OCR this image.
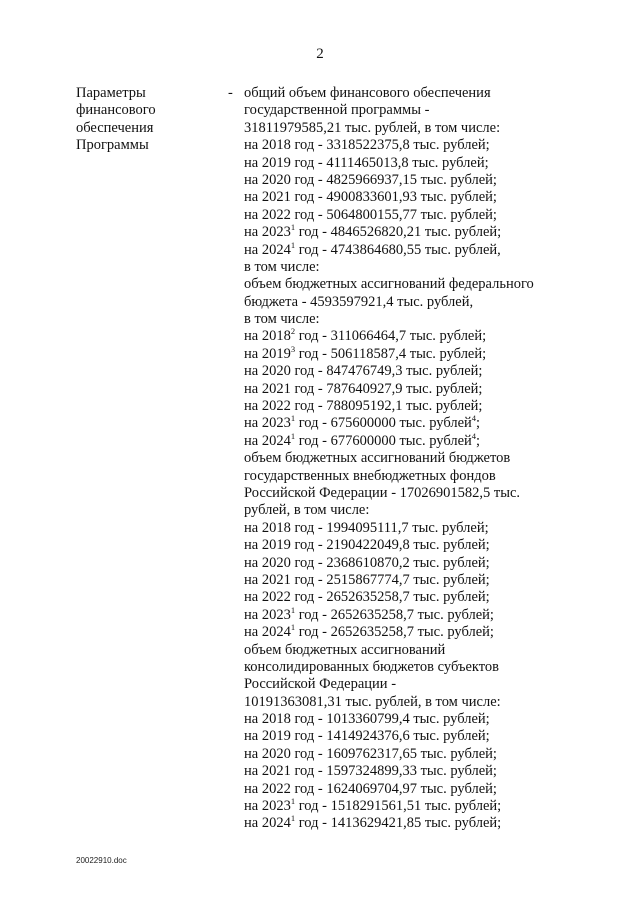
2
Параметры
финансового
обеспечения
Программы
- общий объем финансового обеспечения
государственной программы -
31811979585,21 тыс. рублей, в том числе:
на 2018 год - 3318522375,8 тыс. рублей;
на 2019 год - 4111465013,8 тыс. рублей;
на 2020 год - 4825966937,15 тыс. рублей;
на 2021 год - 4900833601,93 тыс. рублей;
на 2022 год - 5064800155,77 тыс. рублей;
на 2023$^1$ год - 4846526820,21 тыс. рублей;
на 2024$^1$ год - 4743864680,55 тыс. рублей,
в том числе:
объем бюджетных ассигнований федерального
бюджета - 4593597921,4 тыс. рублей,
в том числе:
на 2018$^2$ год - 311066464,7 тыс. рублей;
на 2019$^3$ год - 506118587,4 тыс. рублей;
на 2020 год - 847476749,3 тыс. рублей;
на 2021 год - 787640927,9 тыс. рублей;
на 2022 год - 788095192,1 тыс. рублей;
на 2023$^1$ год - 675600000 тыс. рублей$^4$;
на 2024$^1$ год - 677600000 тыс. рублей$^4$;
объем бюджетных ассигнований бюджетов
государственных внебюджетных фондов
Российской Федерации - 17026901582,5 тыс.
рублей, в том числе:
на 2018 год - 1994095111,7 тыс. рублей;
на 2019 год - 2190422049,8 тыс. рублей;
на 2020 год - 2368610870,2 тыс. рублей;
на 2021 год - 2515867774,7 тыс. рублей;
на 2022 год - 2652635258,7 тыс. рублей;
на 2023$^1$ год - 2652635258,7 тыс. рублей;
на 2024$^1$ год - 2652635258,7 тыс. рублей;
объем бюджетных ассигнований
консолидированных бюджетов субъектов
Российской Федерации -
10191363081,31 тыс. рублей, в том числе:
на 2018 год - 1013360799,4 тыс. рублей;
на 2019 год - 1414924376,6 тыс. рублей;
на 2020 год - 1609762317,65 тыс. рублей;
на 2021 год - 1597324899,33 тыс. рублей;
на 2022 год - 1624069704,97 тыс. рублей;
на 2023$^1$ год - 1518291561,51 тыс. рублей;
на 2024$^1$ год - 1413629421,85 тыс. рублей;
20022910.doc
